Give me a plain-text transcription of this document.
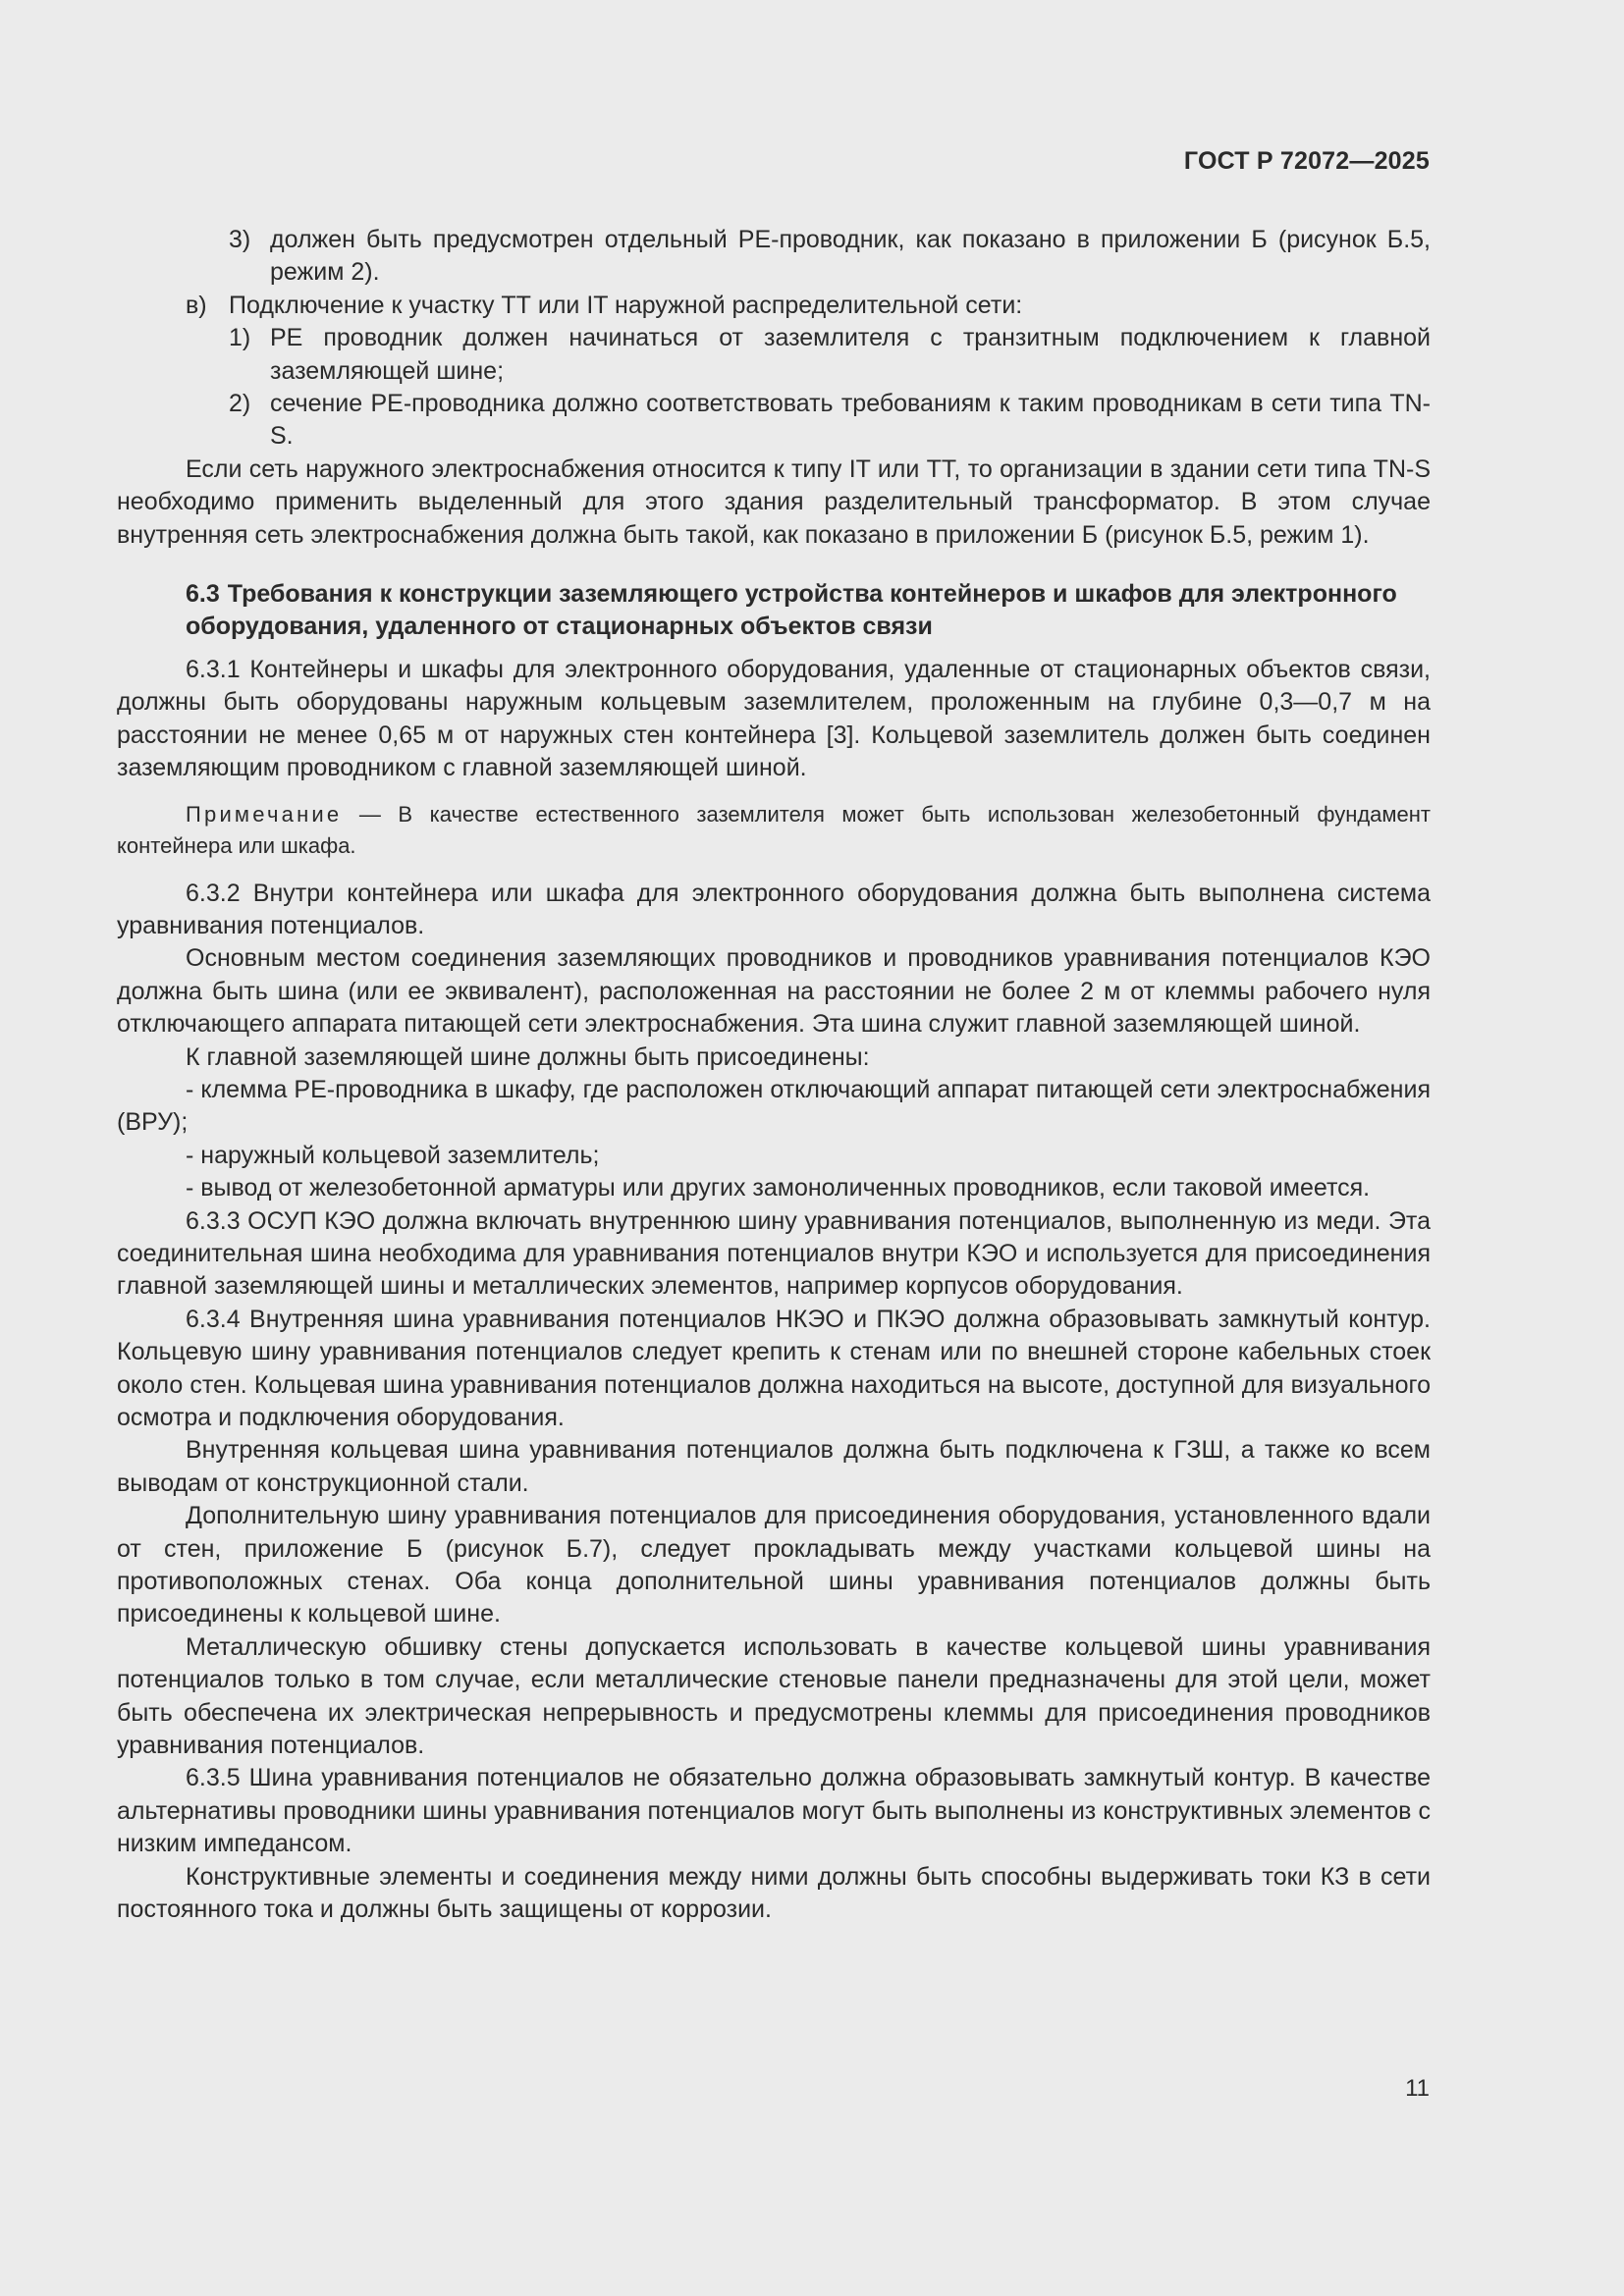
ГОСТ Р 72072—2025
3) должен быть предусмотрен отдельный PE-проводник, как показано в приложении Б (рисунок Б.5, режим 2).
в) Подключение к участку ТТ или IT наружной распределительной сети:
1) PE проводник должен начинаться от заземлителя с транзитным подключением к главной заземляющей шине;
2) сечение PE-проводника должно соответствовать требованиям к таким проводникам в сети типа TN-S.

Если сеть наружного электроснабжения относится к типу IT или ТТ, то организации в здании сети типа TN-S необходимо применить выделенный для этого здания разделительный трансформатор. В этом случае внутренняя сеть электроснабжения должна быть такой, как показано в приложении Б (рисунок Б.5, режим 1).

6.3 Требования к конструкции заземляющего устройства контейнеров и шкафов для электронного оборудования, удаленного от стационарных объектов связи

6.3.1 Контейнеры и шкафы для электронного оборудования, удаленные от стационарных объектов связи, должны быть оборудованы наружным кольцевым заземлителем, проложенным на глубине 0,3—0,7 м на расстоянии не менее 0,65 м от наружных стен контейнера [3]. Кольцевой заземлитель должен быть соединен заземляющим проводником с главной заземляющей шиной.

Примечание — В качестве естественного заземлителя может быть использован железобетонный фундамент контейнера или шкафа.

6.3.2 Внутри контейнера или шкафа для электронного оборудования должна быть выполнена система уравнивания потенциалов.

Основным местом соединения заземляющих проводников и проводников уравнивания потенциалов КЭО должна быть шина (или ее эквивалент), расположенная на расстоянии не более 2 м от клеммы рабочего нуля отключающего аппарата питающей сети электроснабжения. Эта шина служит главной заземляющей шиной.

К главной заземляющей шине должны быть присоединены:

- клемма PE-проводника в шкафу, где расположен отключающий аппарат питающей сети электроснабжения (ВРУ);

- наружный кольцевой заземлитель;

- вывод от железобетонной арматуры или других замоноличенных проводников, если таковой имеется.

6.3.3 ОСУП КЭО должна включать внутреннюю шину уравнивания потенциалов, выполненную из меди. Эта соединительная шина необходима для уравнивания потенциалов внутри КЭО и используется для присоединения главной заземляющей шины и металлических элементов, например корпусов оборудования.

6.3.4 Внутренняя шина уравнивания потенциалов НКЭО и ПКЭО должна образовывать замкнутый контур. Кольцевую шину уравнивания потенциалов следует крепить к стенам или по внешней стороне кабельных стоек около стен. Кольцевая шина уравнивания потенциалов должна находиться на высоте, доступной для визуального осмотра и подключения оборудования.

Внутренняя кольцевая шина уравнивания потенциалов должна быть подключена к ГЗШ, а также ко всем выводам от конструкционной стали.

Дополнительную шину уравнивания потенциалов для присоединения оборудования, установленного вдали от стен, приложение Б (рисунок Б.7), следует прокладывать между участками кольцевой шины на противоположных стенах. Оба конца дополнительной шины уравнивания потенциалов должны быть присоединены к кольцевой шине.

Металлическую обшивку стены допускается использовать в качестве кольцевой шины уравнивания потенциалов только в том случае, если металлические стеновые панели предназначены для этой цели, может быть обеспечена их электрическая непрерывность и предусмотрены клеммы для присоединения проводников уравнивания потенциалов.

6.3.5 Шина уравнивания потенциалов не обязательно должна образовывать замкнутый контур. В качестве альтернативы проводники шины уравнивания потенциалов могут быть выполнены из конструктивных элементов с низким импедансом.

Конструктивные элементы и соединения между ними должны быть способны выдерживать токи КЗ в сети постоянного тока и должны быть защищены от коррозии.

11
